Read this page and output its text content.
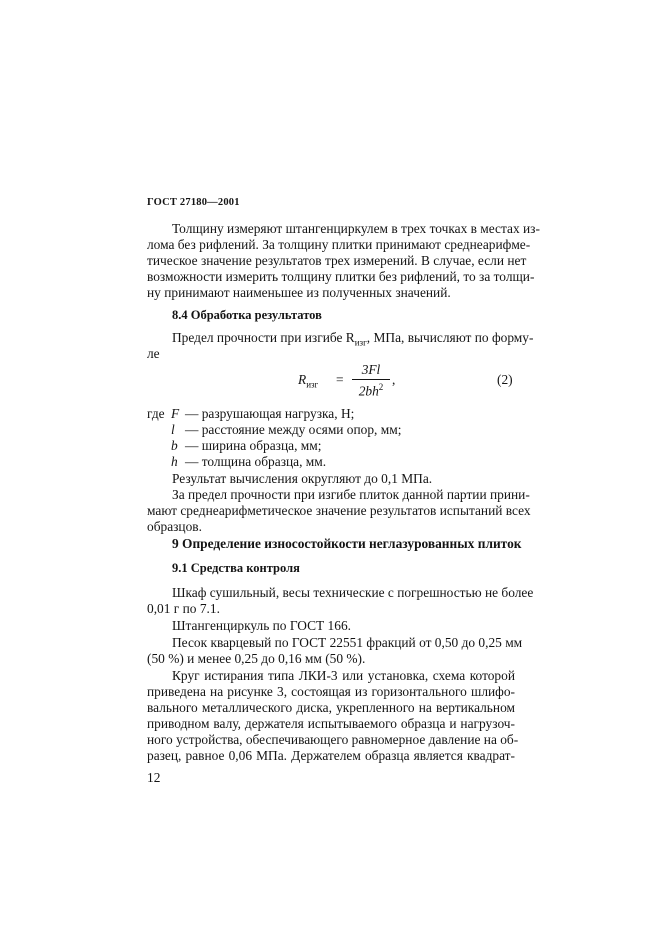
ГОСТ 27180—2001
Толщину измеряют штангенциркулем в трех точках в местах из-
лома без рифлений. За толщину плитки принимают среднеарифме-
тическое значение результатов трех измерений. В случае, если нет
возможности измерить толщину плитки без рифлений, то за толщи-
ну принимают наименьшее из полученных значений.
8.4 Обработка результатов
Предел прочности при изгибе $R_{изг}$, МПа, вычисляют по форму-
ле
$R_{изг}$ =
3Fl
$2bh^2$ ,	(2)
где F — разрушающая нагрузка, Н;
l — расстояние между осями опор, мм;
b — ширина образца, мм;
h — толщина образца, мм.
Результат вычисления округляют до 0,1 МПа.
За предел прочности при изгибе плиток данной партии прини-
мают среднеарифметическое значение результатов испытаний всех
образцов.
9 Определение износостойкости неглазурованных плиток
9.1 Средства контроля
Шкаф сушильный, весы технические с погрешностью не более
0,01 г по 7.1.
Штангенциркуль по ГОСТ 166.
Песок кварцевый по ГОСТ 22551 фракций от 0,50 до 0,25 мм
(50 %) и менее 0,25 до 0,16 мм (50 %).
Круг истирания типа ЛКИ-3 или установка, схема которой
приведена на рисунке 3, состоящая из горизонтального шлифо-
вального металлического диска, укрепленного на вертикальном
приводном валу, держателя испытываемого образца и нагрузоч-
ного устройства, обеспечивающего равномерное давление на об-
разец, равное 0,06 МПа. Держателем образца является квадрат-
12
